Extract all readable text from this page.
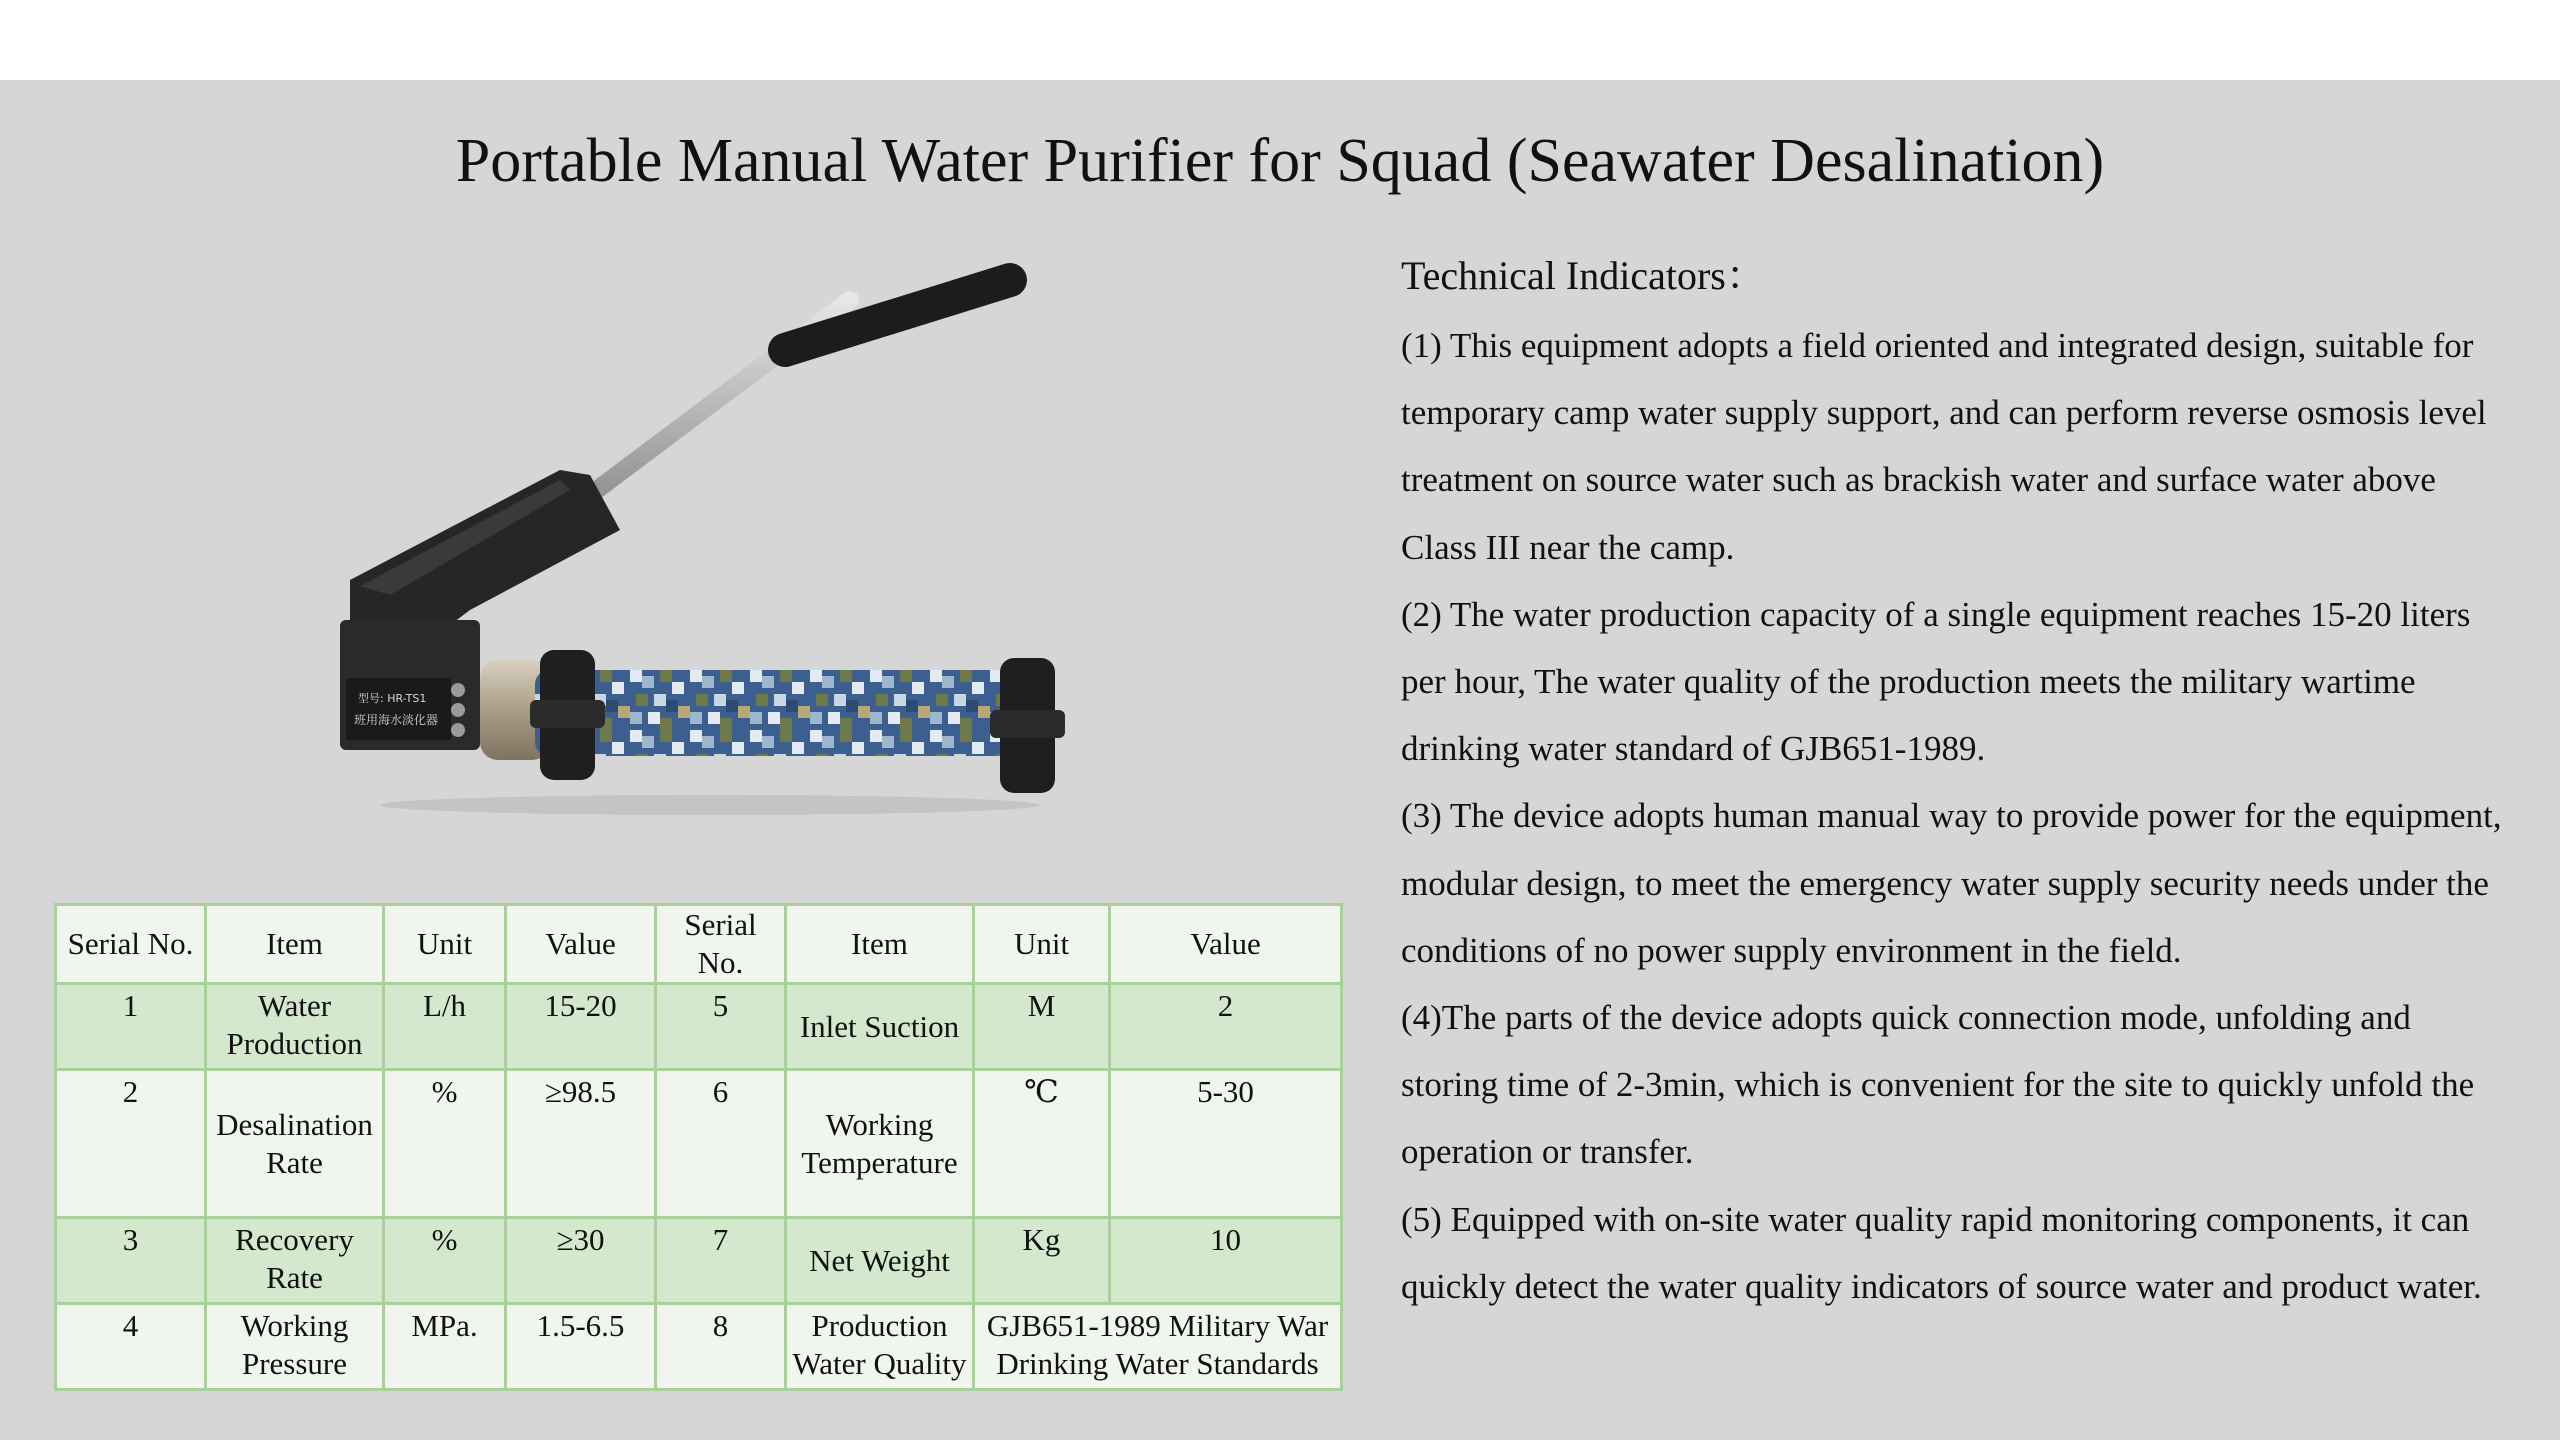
Portable Manual Water Purifier for Squad (Seawater Desalination)
型号: HR-TS1
班用海水淡化器
Serial No.	Item	Unit	Value	Serial No.	Item	Unit	Value
1	Water Production	L/h	15-20	5	Inlet Suction	M	2
2	Desalination Rate	%	≥98.5	6	Working Temperature	℃	5-30
3	Recovery Rate	%	≥30	7	Net Weight	Kg	10
4	Working Pressure	MPa.	1.5-6.5	8	Production Water Quality	GJB651-1989 Military War Drinking Water Standards	
Technical Indicators：

(1) This equipment adopts a field oriented and integrated design, suitable for temporary camp water supply support, and can perform reverse osmosis level treatment on source water such as brackish water and surface water above Class III near the camp.

(2) The water production capacity of a single equipment reaches 15-20 liters per hour, The water quality of the production meets the military wartime drinking water standard of GJB651-1989.

(3) The device adopts human manual way to provide power for the equipment, modular design, to meet the emergency water supply security needs under the conditions of no power supply environment in the field.

(4)The parts of the device adopts quick connection mode, unfolding and storing time of 2-3min, which is convenient for the site to quickly unfold the operation or transfer.

(5) Equipped with on-site water quality rapid monitoring components, it can quickly detect the water quality indicators of source water and product water.
